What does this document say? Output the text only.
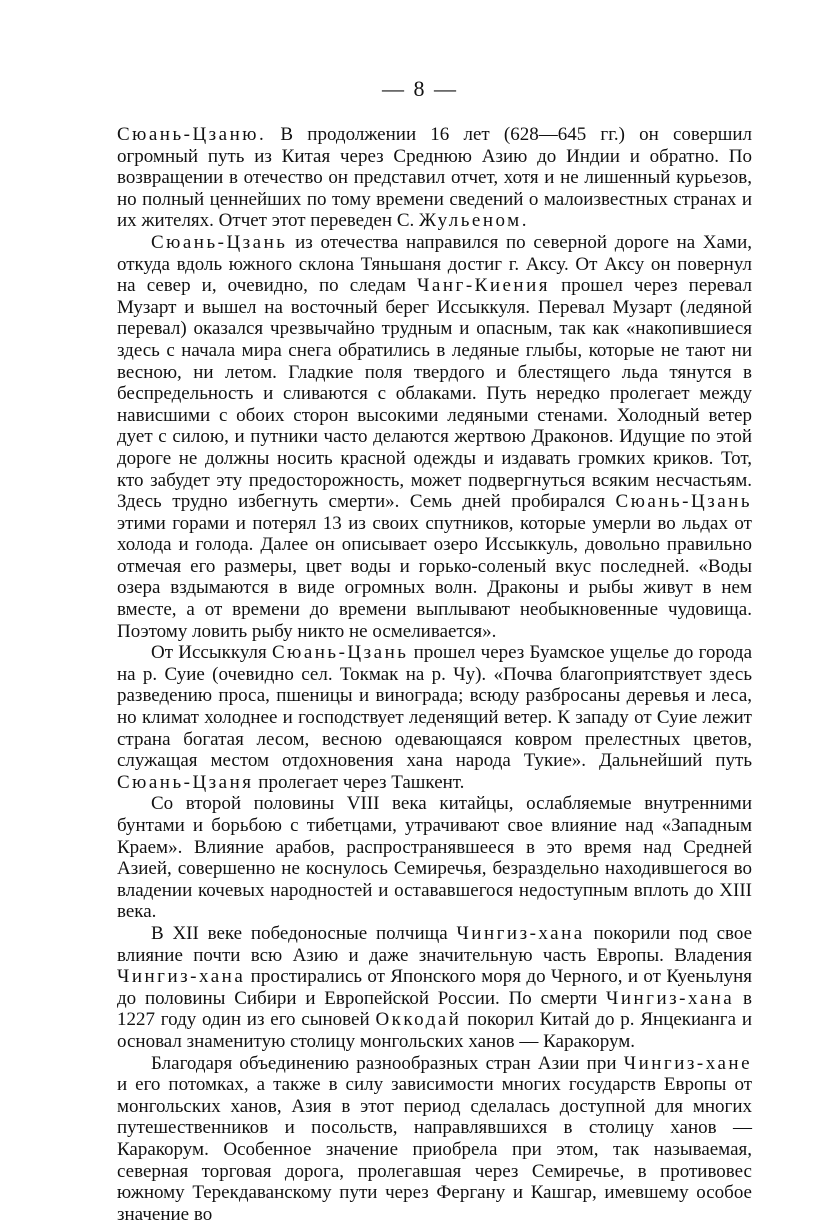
— 8 —

Сюань-Цзаню. В продолжении 16 лет (628—645 гг.) он совершил огромный путь из Китая через Среднюю Азию до Индии и обратно. По возвращении в отечество он представил отчет, хотя и не лишенный курьезов, но полный ценнейших по тому времени сведений о малоизвестных странах и их жителях. Отчет этот переведен С. Жульеном.

Сюань-Цзань из отечества направился по северной дороге на Хами, откуда вдоль южного склона Тяньшаня достиг г. Аксу. От Аксу он повернул на север и, очевидно, по следам Чанг-Киения прошел через перевал Музарт и вышел на восточный берег Иссыккуля. Перевал Музарт (ледяной перевал) оказался чрезвычайно трудным и опасным, так как «накопившиеся здесь с начала мира снега обратились в ледяные глыбы, которые не тают ни весною, ни летом. Гладкие поля твердого и блестящего льда тянутся в беспредельность и сливаются с облаками. Путь нередко пролегает между нависшими с обоих сторон высокими ледяными стенами. Холодный ветер дует с силою, и путники часто делаются жертвою Драконов. Идущие по этой дороге не должны носить красной одежды и издавать громких криков. Тот, кто забудет эту предосторожность, может подвергнуться всяким несчастьям. Здесь трудно избегнуть смерти». Семь дней пробирался Сюань-Цзань этими горами и потерял 13 из своих спутников, которые умерли во льдах от холода и голода. Далее он описывает озеро Иссыккуль, довольно правильно отмечая его размеры, цвет воды и горько-соленый вкус последней. «Воды озера вздымаются в виде огромных волн. Драконы и рыбы живут в нем вместе, а от времени до времени выплывают необыкновенные чудовища. Поэтому ловить рыбу никто не осмеливается».

От Иссыккуля Сюань-Цзань прошел через Буамское ущелье до города на р. Суие (очевидно сел. Токмак на р. Чу). «Почва благоприятствует здесь разведению проса, пшеницы и винограда; всюду разбросаны деревья и леса, но климат холоднее и господствует леденящий ветер. К западу от Суие лежит страна богатая лесом, весною одевающаяся ковром прелестных цветов, служащая местом отдохновения хана народа Тукие». Дальнейший путь Сюань-Цзаня пролегает через Ташкент.

Со второй половины VIII века китайцы, ослабляемые внутренними бунтами и борьбою с тибетцами, утрачивают свое влияние над «Западным Краем». Влияние арабов, распространявшееся в это время над Средней Азией, совершенно не коснулось Семиречья, безраздельно находившегося во владении кочевых народностей и остававшегося недоступным вплоть до XIII века.

В XII веке победоносные полчища Чингиз-хана покорили под свое влияние почти всю Азию и даже значительную часть Европы. Владения Чингиз-хана простирались от Японского моря до Черного, и от Куеньлуня до половины Сибири и Европейской России. По смерти Чингиз-хана в 1227 году один из его сыновей Оккодай покорил Китай до р. Янцекианга и основал знаменитую столицу монгольских ханов — Каракорум.

Благодаря объединению разнообразных стран Азии при Чингиз-хане и его потомках, а также в силу зависимости многих государств Европы от монгольских ханов, Азия в этот период сделалась доступной для многих путешественников и посольств, направлявшихся в столицу ханов — Каракорум. Особенное значение приобрела при этом, так называемая, северная торговая дорога, пролегавшая через Семиречье, в противовес южному Терекдаванскому пути через Фергану и Кашгар, имевшему особое значение во
